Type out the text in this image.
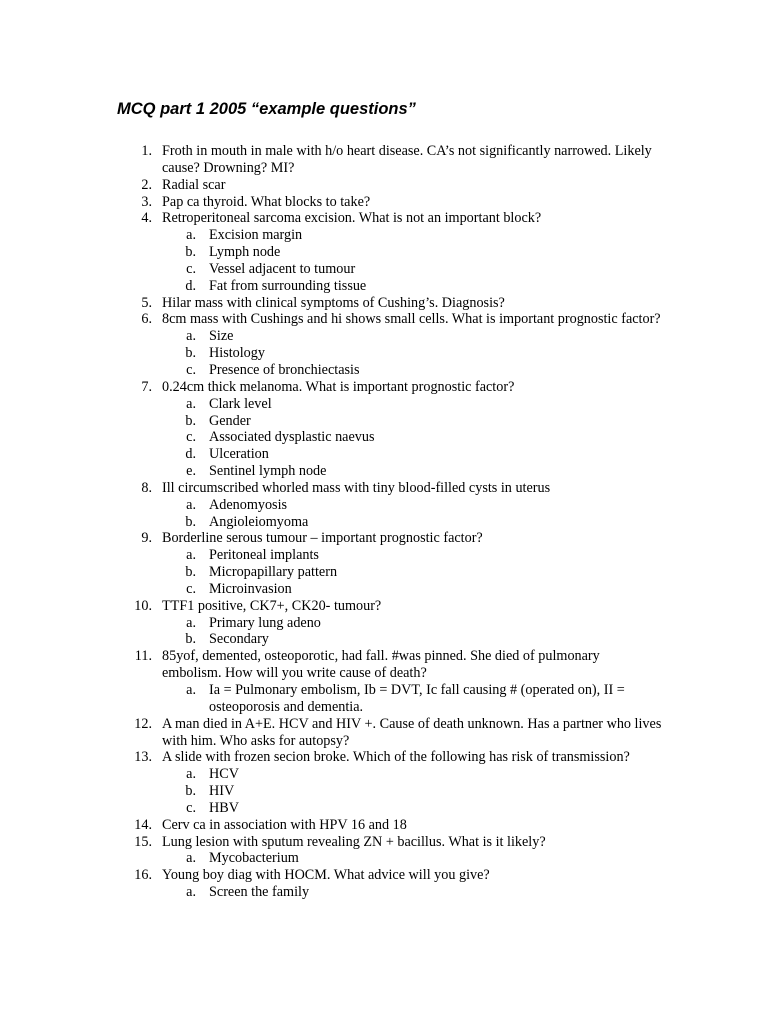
MCQ part 1 2005 “example questions”
1. Froth in mouth in male with h/o heart disease. CA’s not significantly narrowed. Likely cause? Drowning? MI?
2. Radial scar
3. Pap ca thyroid. What blocks to take?
4. Retroperitoneal sarcoma excision. What is not an important block?
a. Excision margin
b. Lymph node
c. Vessel adjacent to tumour
d. Fat from surrounding tissue
5. Hilar mass with clinical symptoms of Cushing’s. Diagnosis?
6. 8cm mass with Cushings and hi shows small cells. What is important prognostic factor?
a. Size
b. Histology
c. Presence of bronchiectasis
7. 0.24cm thick melanoma. What is important prognostic factor?
a. Clark level
b. Gender
c. Associated dysplastic naevus
d. Ulceration
e. Sentinel lymph node
8. Ill circumscribed whorled mass with tiny blood-filled cysts in uterus
a. Adenomyosis
b. Angioleiomyoma
9. Borderline serous tumour – important prognostic factor?
a. Peritoneal implants
b. Micropapillary pattern
c. Microinvasion
10. TTF1 positive, CK7+, CK20- tumour?
a. Primary lung adeno
b. Secondary
11. 85yof, demented, osteoporotic, had fall. #was pinned. She died of pulmonary embolism. How will you write cause of death?
a. Ia = Pulmonary embolism, Ib = DVT, Ic fall causing # (operated on), II = osteoporosis and dementia.
12. A man died in A+E. HCV and HIV +. Cause of death unknown. Has a partner who lives with him. Who asks for autopsy?
13. A slide with frozen secion broke. Which of the following has risk of transmission?
a. HCV
b. HIV
c. HBV
14. Cerv ca in association with HPV 16 and 18
15. Lung lesion with sputum revealing ZN + bacillus. What is it likely?
a. Mycobacterium
16. Young boy diag with HOCM. What advice will you give?
a. Screen the family
